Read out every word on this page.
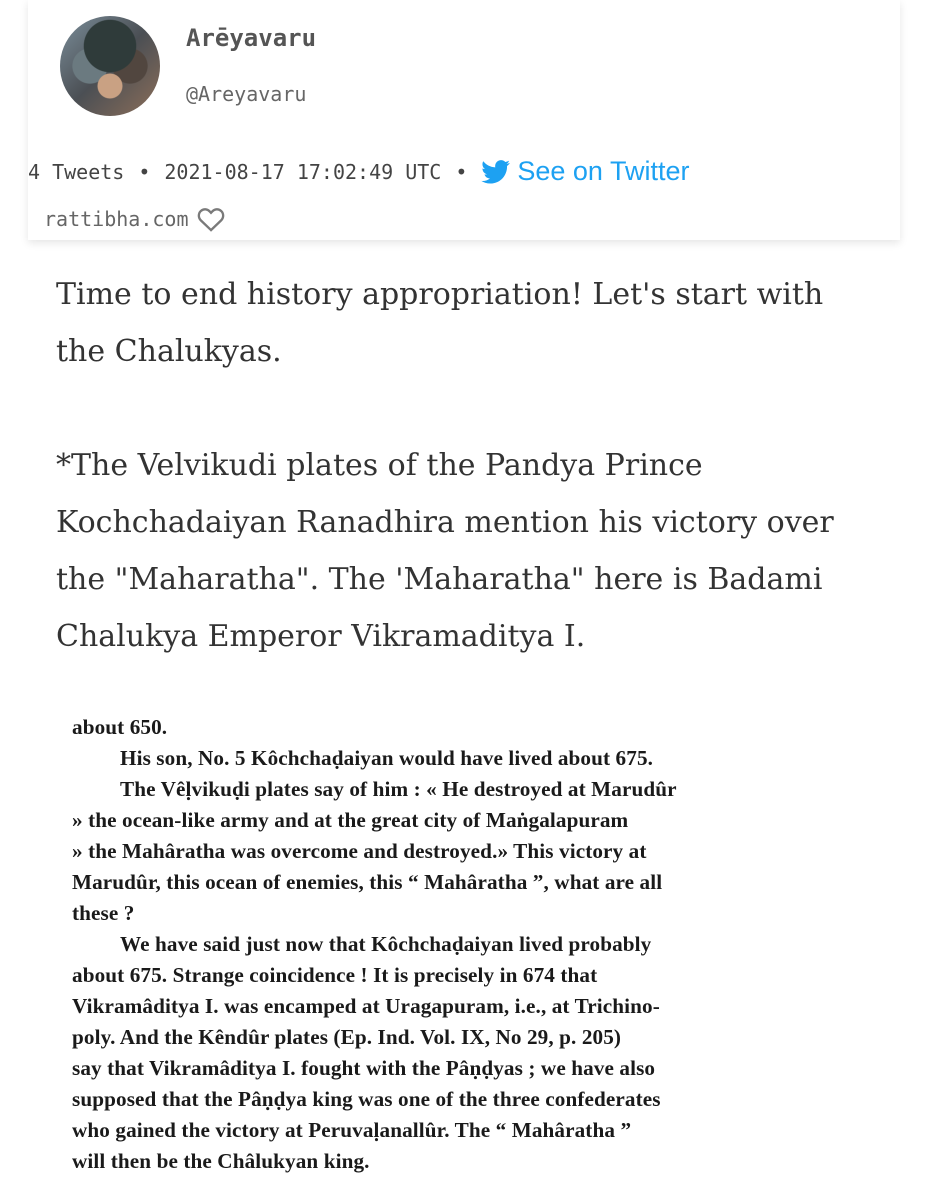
Arēyavaru
@Areyavaru
4 Tweets • 2021-08-17 17:02:49 UTC • See on Twitter
rattibha.com

Time to end history appropriation! Let's start with the Chalukyas.

*The Velvikudi plates of the Pandya Prince Kochchadaiyan Ranadhira mention his victory over the "Maharatha". The 'Maharatha" here is Badami Chalukya Emperor Vikramaditya I.

about 650.
His son, No. 5 Kôchchaḍaiyan would have lived about 675.
The Vêḷvikuḍi plates say of him : « He destroyed at Marudûr
» the ocean-like army and at the great city of Maṅgalapuram
» the Mahâratha was overcome and destroyed.» This victory at
Marudûr, this ocean of enemies, this “ Mahâratha ”, what are all
these ?
We have said just now that Kôchchaḍaiyan lived probably
about 675. Strange coincidence ! It is precisely in 674 that
Vikramâditya I. was encamped at Uragapuram, i.e., at Trichino-
poly. And the Kêndûr plates (Ep. Ind. Vol. IX, No 29, p. 205)
say that Vikramâditya I. fought with the Pâṇḍyas ; we have also
supposed that the Pâṇḍya king was one of the three confederates
who gained the victory at Peruvaḷanallûr. The “ Mahâratha ”
will then be the Châlukyan king.
